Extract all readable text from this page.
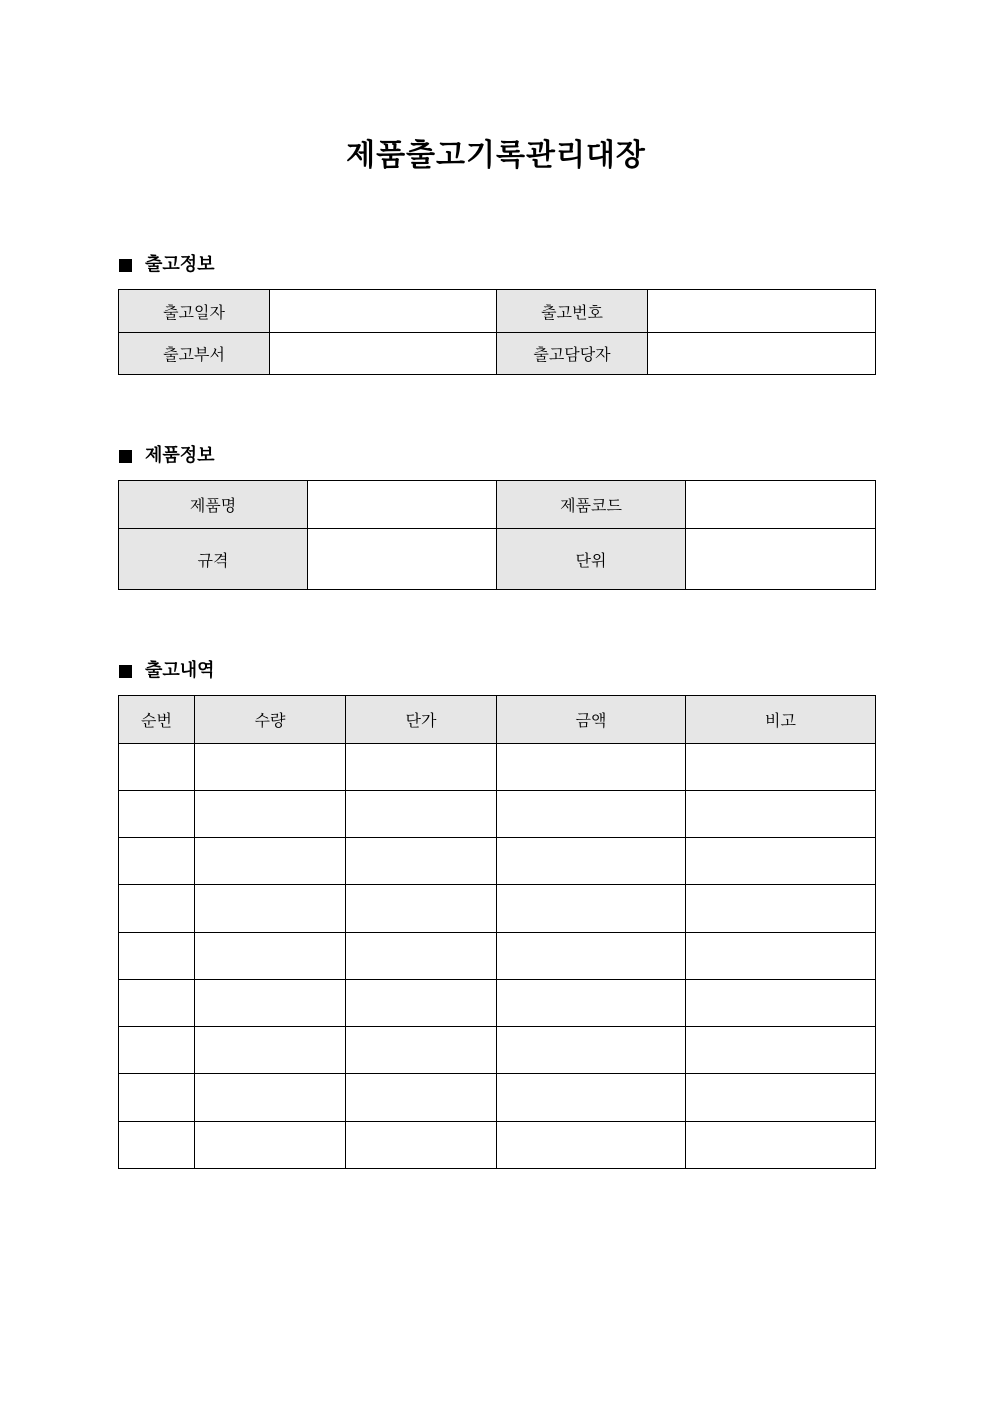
제품출고기록관리대장
출고정보
출고일자		출고번호	
출고부서		출고담당자	
제품정보
제품명		제품코드	
규격		단위	
출고내역
순번	수량	단가	금액	비고
